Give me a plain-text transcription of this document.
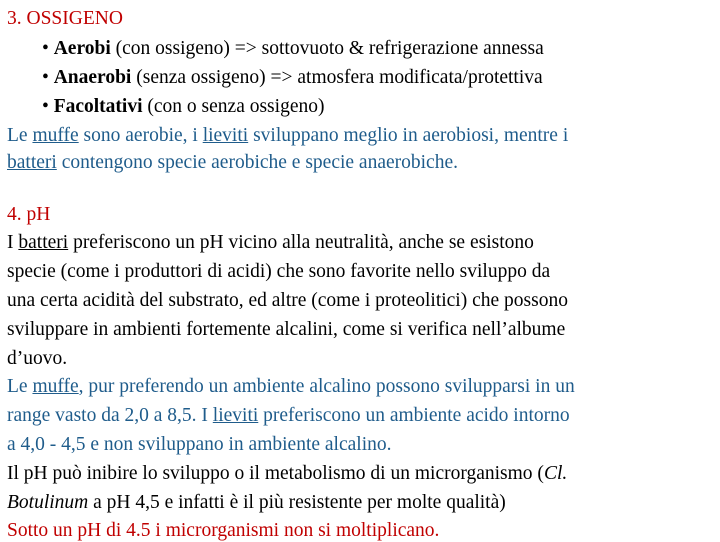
3. OSSIGENO
• Aerobi (con ossigeno) => sottovuoto & refrigerazione annessa
• Anaerobi (senza ossigeno) => atmosfera modificata/protettiva
• Facoltativi (con o senza ossigeno)
Le muffe sono aerobie, i lieviti sviluppano meglio in aerobiosi, mentre i
batteri contengono specie aerobiche e specie anaerobiche.
4. pH
I batteri preferiscono un pH vicino alla neutralità, anche se esistono
specie (come i produttori di acidi) che sono favorite nello sviluppo da
una certa acidità del substrato, ed altre (come i proteolitici) che possono
sviluppare in ambienti fortemente alcalini, come si verifica nell’albume
d’uovo.
Le muffe, pur preferendo un ambiente alcalino possono svilupparsi in un
range vasto da 2,0 a 8,5. I lieviti preferiscono un ambiente acido intorno
a 4,0 - 4,5 e non sviluppano in ambiente alcalino.
Il pH può inibire lo sviluppo o il metabolismo di un microrganismo (Cl.
Botulinum a pH 4,5 e infatti è il più resistente per molte qualità)
Sotto un pH di 4.5 i microrganismi non si moltiplicano.
